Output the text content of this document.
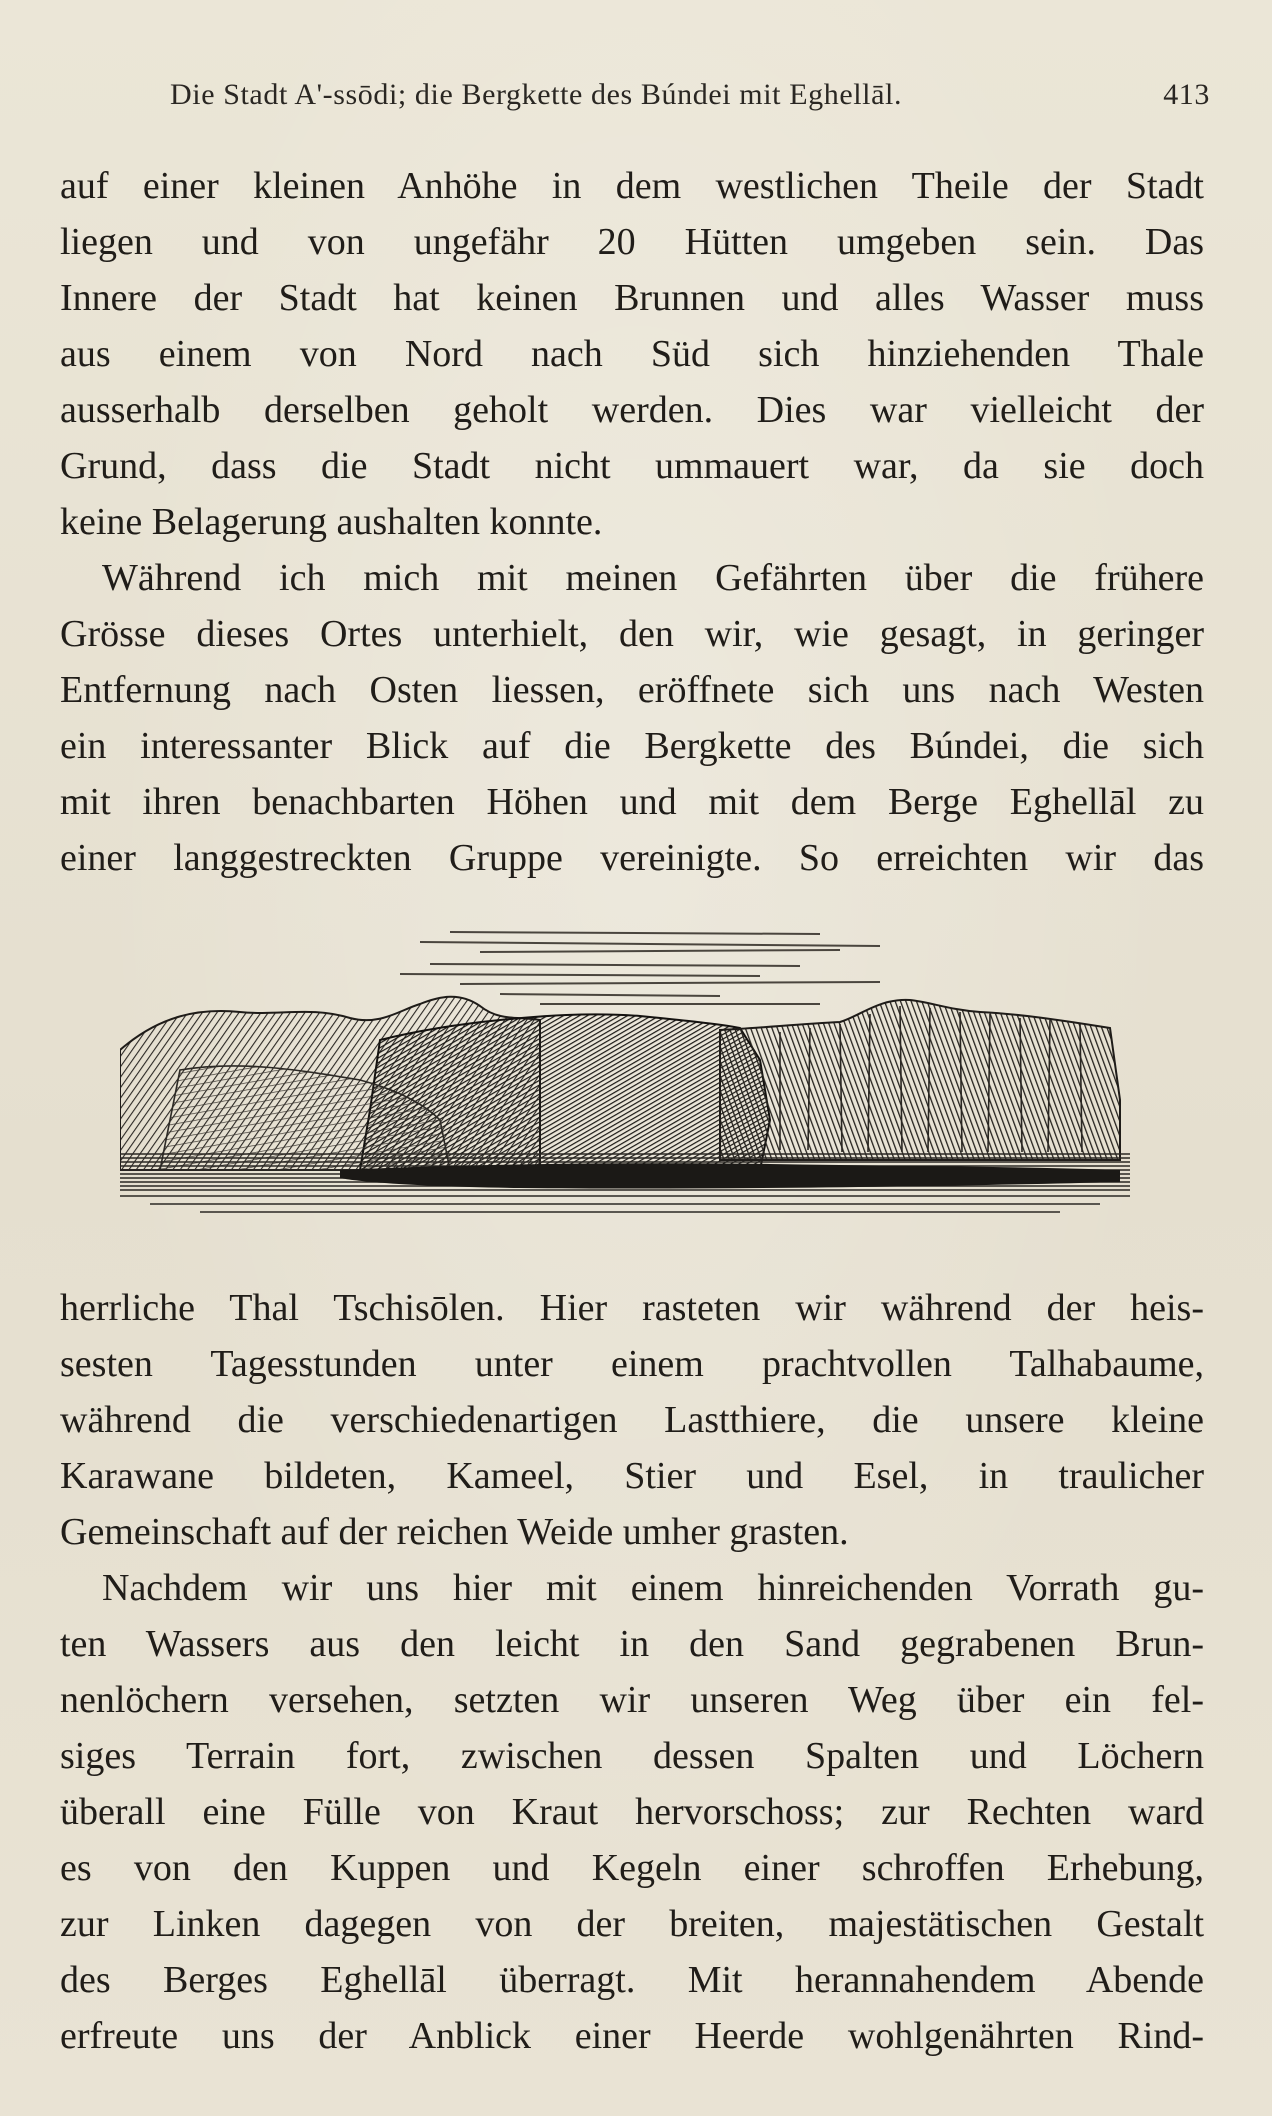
Die Stadt A'-ssōdi; die Bergkette des Búndei mit Eghellāl.	413
auf einer kleinen Anhöhe in dem westlichen Theile der Stadt
liegen und von ungefähr 20 Hütten umgeben sein. Das
Innere der Stadt hat keinen Brunnen und alles Wasser muss
aus einem von Nord nach Süd sich hinziehenden Thale
ausserhalb derselben geholt werden. Dies war vielleicht der
Grund, dass die Stadt nicht ummauert war, da sie doch
keine Belagerung aushalten konnte.
Während ich mich mit meinen Gefährten über die frühere
Grösse dieses Ortes unterhielt, den wir, wie gesagt, in geringer
Entfernung nach Osten liessen, eröffnete sich uns nach Westen
ein interessanter Blick auf die Bergkette des Búndei, die sich
mit ihren benachbarten Höhen und mit dem Berge Eghellāl zu
einer langgestreckten Gruppe vereinigte. So erreichten wir das
herrliche Thal Tschisōlen. Hier rasteten wir während der heis-
sesten Tagesstunden unter einem prachtvollen Talhabaume,
während die verschiedenartigen Lastthiere, die unsere kleine
Karawane bildeten, Kameel, Stier und Esel, in traulicher
Gemeinschaft auf der reichen Weide umher grasten.
Nachdem wir uns hier mit einem hinreichenden Vorrath gu-
ten Wassers aus den leicht in den Sand gegrabenen Brun-
nenlöchern versehen, setzten wir unseren Weg über ein fel-
siges Terrain fort, zwischen dessen Spalten und Löchern
überall eine Fülle von Kraut hervorschoss; zur Rechten ward
es von den Kuppen und Kegeln einer schroffen Erhebung,
zur Linken dagegen von der breiten, majestätischen Gestalt
des Berges Eghellāl überragt. Mit herannahendem Abende
erfreute uns der Anblick einer Heerde wohlgenährten Rind-
